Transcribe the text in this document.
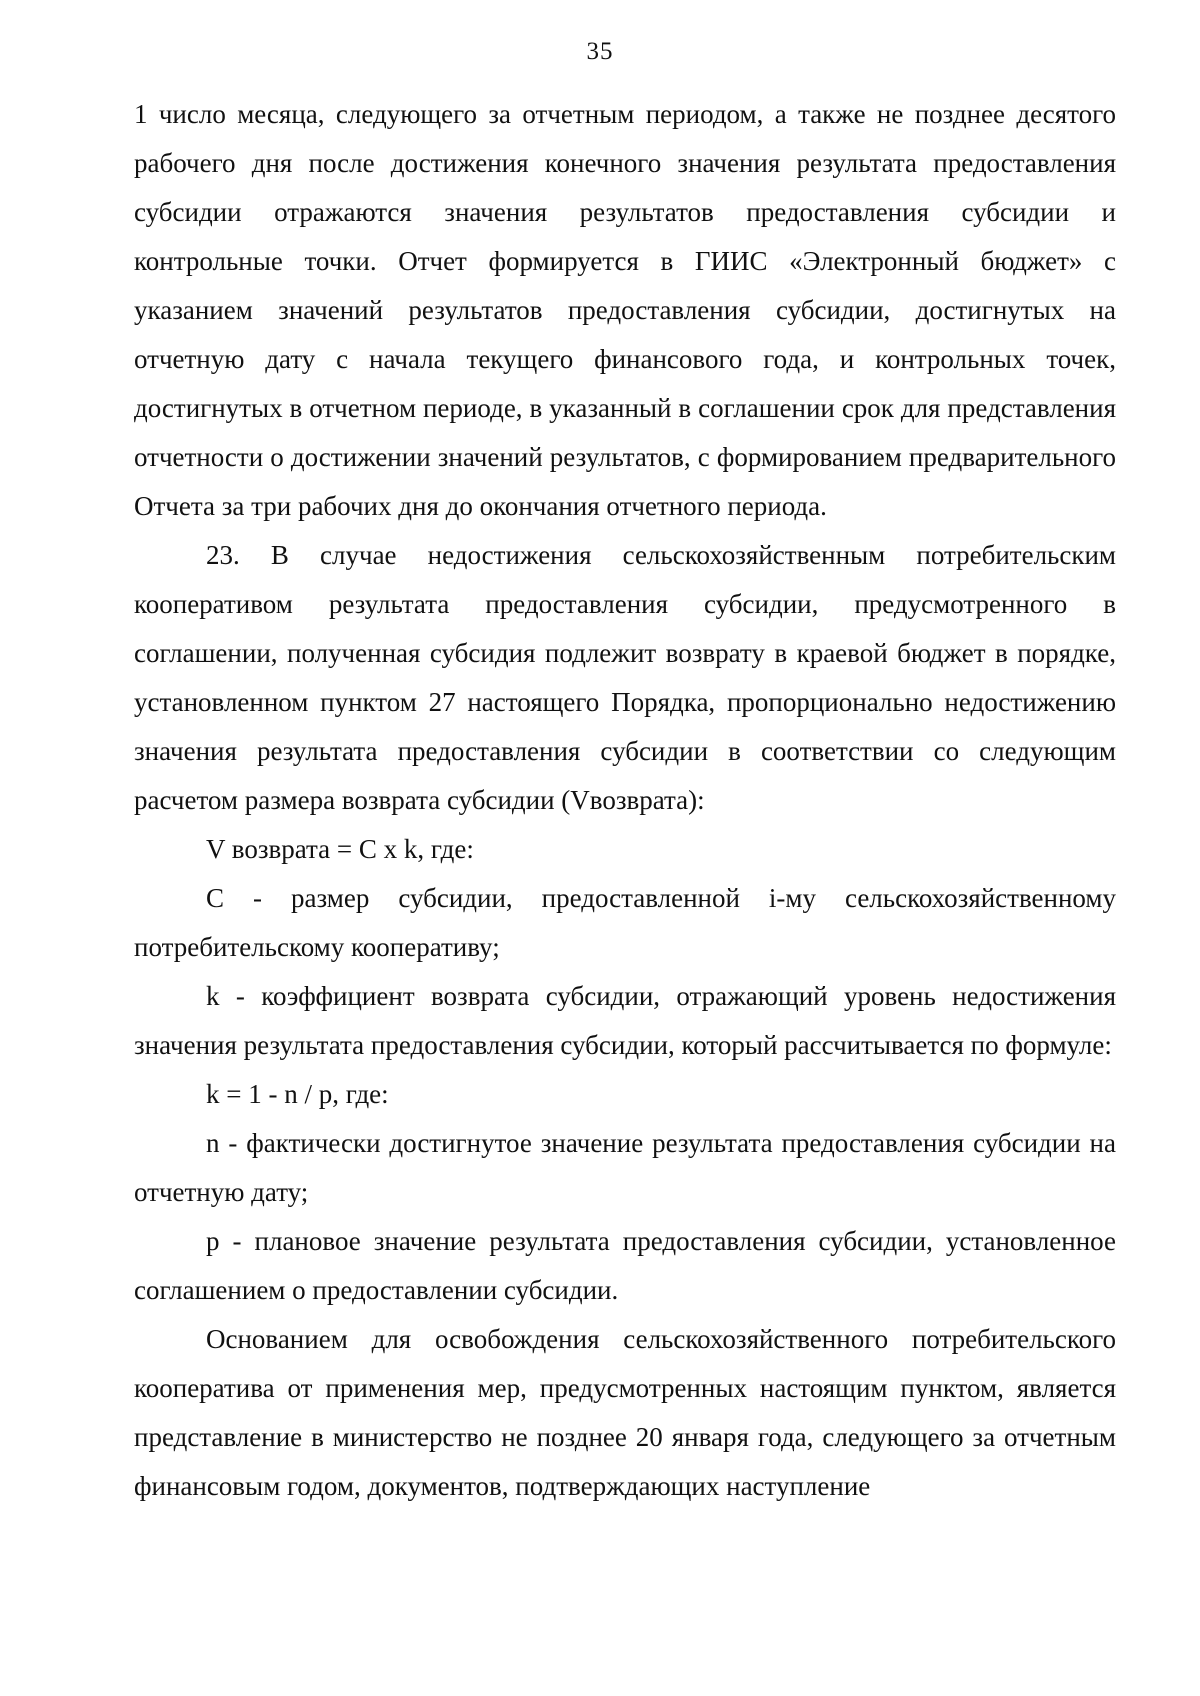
35

1 число месяца, следующего за отчетным периодом, а также не позднее десятого рабочего дня после достижения конечного значения результата предоставления субсидии отражаются значения результатов предоставления субсидии и контрольные точки. Отчет формируется в ГИИС «Электронный бюджет» с указанием значений результатов предоставления субсидии, достигнутых на отчетную дату с начала текущего финансового года, и контрольных точек, достигнутых в отчетном периоде, в указанный в соглашении срок для представления отчетности о достижении значений результатов, с формированием предварительного Отчета за три рабочих дня до окончания отчетного периода.

23. В случае недостижения сельскохозяйственным потребительским кооперативом результата предоставления субсидии, предусмотренного в соглашении, полученная субсидия подлежит возврату в краевой бюджет в порядке, установленном пунктом 27 настоящего Порядка, пропорционально недостижению значения результата предоставления субсидии в соответствии со следующим расчетом размера возврата субсидии (Vвозврата):

V возврата = C x k, где:

C - размер субсидии, предоставленной i-му сельскохозяйственному потребительскому кооперативу;

k - коэффициент возврата субсидии, отражающий уровень недостижения значения результата предоставления субсидии, который рассчитывается по формуле:

k = 1 - n / p, где:

n - фактически достигнутое значение результата предоставления субсидии на отчетную дату;

p - плановое значение результата предоставления субсидии, установленное соглашением о предоставлении субсидии.

Основанием для освобождения сельскохозяйственного потребительского кооператива от применения мер, предусмотренных настоящим пунктом, является представление в министерство не позднее 20 января года, следующего за отчетным финансовым годом, документов, подтверждающих наступление
